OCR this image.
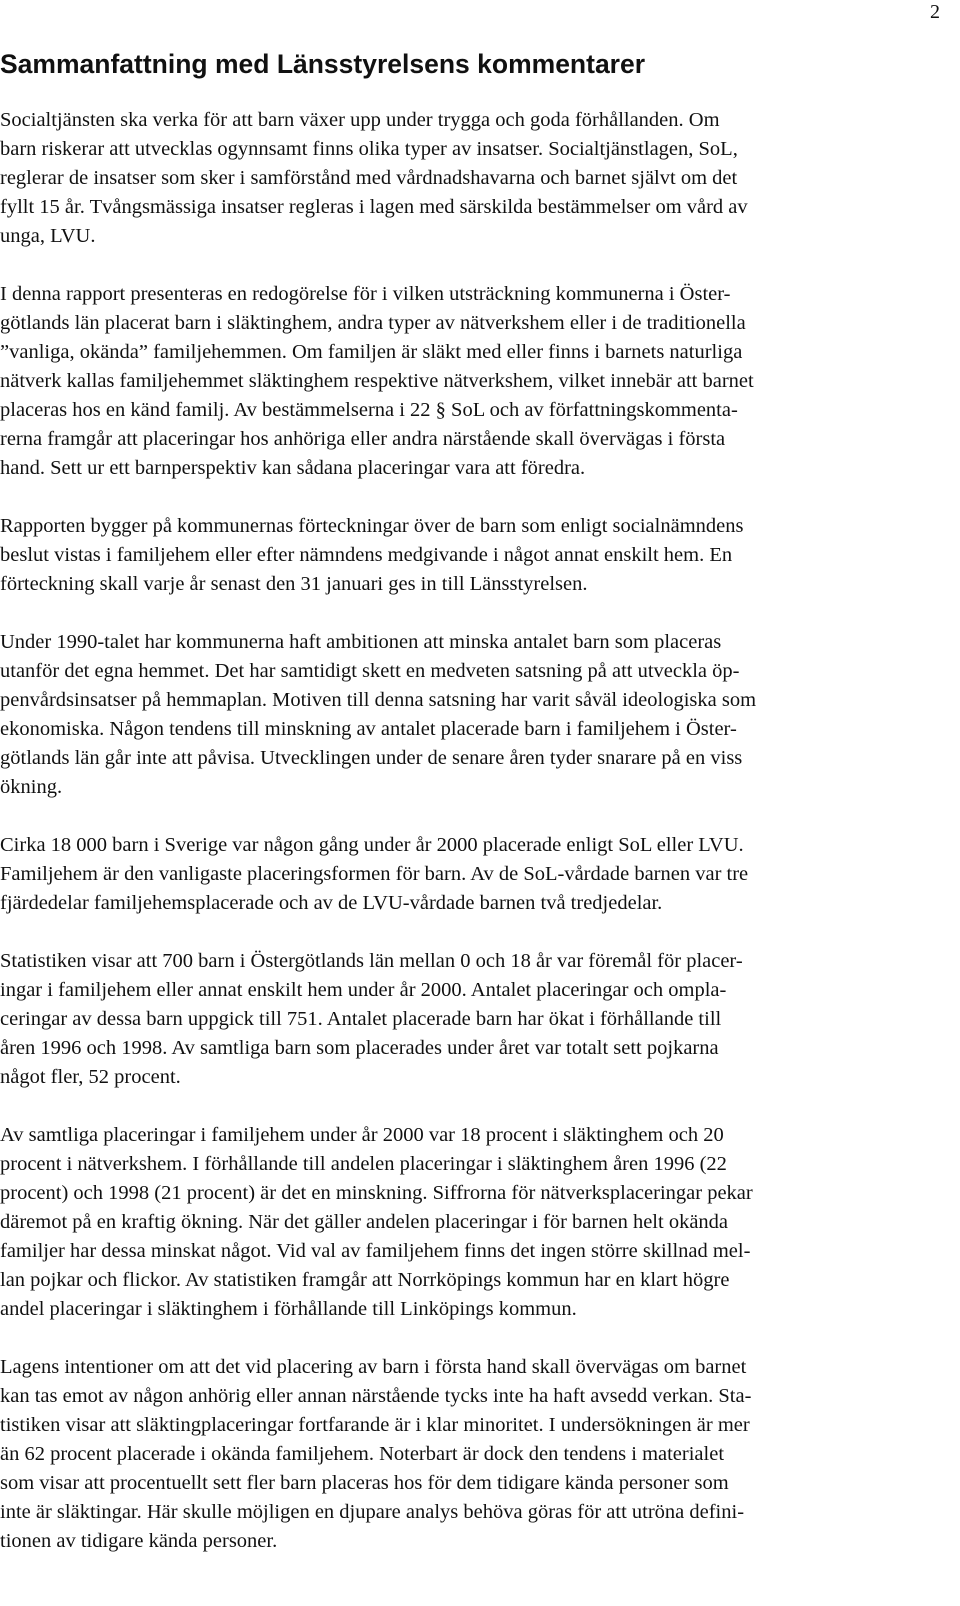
2
Sammanfattning med Länsstyrelsens kommentarer

Socialtjänsten ska verka för att barn växer upp under trygga och goda förhållanden. Om
barn riskerar att utvecklas ogynnsamt finns olika typer av insatser. Socialtjänstlagen, SoL,
reglerar de insatser som sker i samförstånd med vårdnadshavarna och barnet självt om det
fyllt 15 år. Tvångsmässiga insatser regleras i lagen med särskilda bestämmelser om vård av
unga, LVU.

I denna rapport presenteras en redogörelse för i vilken utsträckning kommunerna i Öster-
götlands län placerat barn i släktinghem, andra typer av nätverkshem eller i de traditionella
”vanliga, okända” familjehemmen. Om familjen är släkt med eller finns i barnets naturliga
nätverk kallas familjehemmet släktinghem respektive nätverkshem, vilket innebär att barnet
placeras hos en känd familj. Av bestämmelserna i 22 § SoL och av författningskommenta-
rerna framgår att placeringar hos anhöriga eller andra närstående skall övervägas i första
hand. Sett ur ett barnperspektiv kan sådana placeringar vara att föredra.

Rapporten bygger på kommunernas förteckningar över de barn som enligt socialnämndens
beslut vistas i familjehem eller efter nämndens medgivande i något annat enskilt hem. En
förteckning skall varje år senast den 31 januari ges in till Länsstyrelsen.

Under 1990-talet har kommunerna haft ambitionen att minska antalet barn som placeras
utanför det egna hemmet. Det har samtidigt skett en medveten satsning på att utveckla öp-
penvårdsinsatser på hemmaplan. Motiven till denna satsning har varit såväl ideologiska som
ekonomiska. Någon tendens till minskning av antalet placerade barn i familjehem i Öster-
götlands län går inte att påvisa. Utvecklingen under de senare åren tyder snarare på en viss
ökning.

Cirka 18 000 barn i Sverige var någon gång under år 2000 placerade enligt SoL eller LVU.
Familjehem är den vanligaste placeringsformen för barn. Av de SoL-vårdade barnen var tre
fjärdedelar familjehemsplacerade och av de LVU-vårdade barnen två tredjedelar.

Statistiken visar att 700 barn i Östergötlands län mellan 0 och 18 år var föremål för placer-
ingar i familjehem eller annat enskilt hem under år 2000. Antalet placeringar och ompla-
ceringar av dessa barn uppgick till 751. Antalet placerade barn har ökat i förhållande till
åren 1996 och 1998. Av samtliga barn som placerades under året var totalt sett pojkarna
något fler, 52 procent.

Av samtliga placeringar i familjehem under år 2000 var 18 procent i släktinghem och 20
procent i nätverkshem. I förhållande till andelen placeringar i släktinghem åren 1996 (22
procent) och 1998 (21 procent) är det en minskning. Siffrorna för nätverksplaceringar pekar
däremot på en kraftig ökning. När det gäller andelen placeringar i för barnen helt okända
familjer har dessa minskat något. Vid val av familjehem finns det ingen större skillnad mel-
lan pojkar och flickor. Av statistiken framgår att Norrköpings kommun har en klart högre
andel placeringar i släktinghem i förhållande till Linköpings kommun.

Lagens intentioner om att det vid placering av barn i första hand skall övervägas om barnet
kan tas emot av någon anhörig eller annan närstående tycks inte ha haft avsedd verkan. Sta-
tistiken visar att släktingplaceringar fortfarande är i klar minoritet. I undersökningen är mer
än 62 procent placerade i okända familjehem. Noterbart är dock den tendens i materialet
som visar att procentuellt sett fler barn placeras hos för dem tidigare kända personer som
inte är släktingar. Här skulle möjligen en djupare analys behöva göras för att utröna defini-
tionen av tidigare kända personer.
